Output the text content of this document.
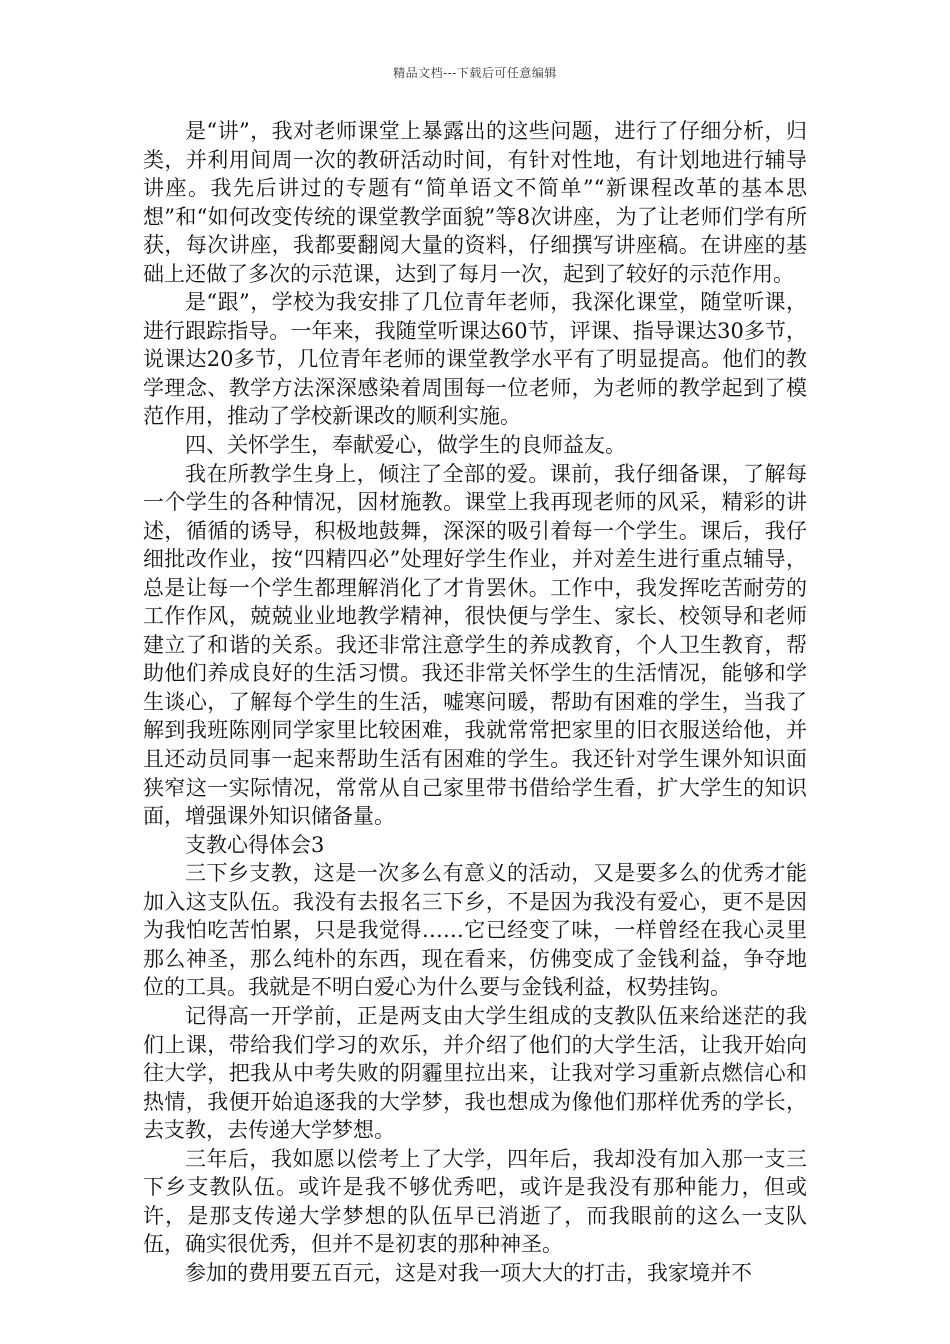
精品文档---下载后可任意编辑

是“讲”，我对老师课堂上暴露出的这些问题，进行了仔细分析，归类，并利用间周一次的教研活动时间，有针对性地，有计划地进行辅导讲座。我先后讲过的专题有“简单语文不简单”“新课程改革的基本思想”和“如何改变传统的课堂教学面貌”等8次讲座，为了让老师们学有所获，每次讲座，我都要翻阅大量的资料，仔细撰写讲座稿。在讲座的基础上还做了多次的示范课，达到了每月一次，起到了较好的示范作用。

是“跟”，学校为我安排了几位青年老师，我深化课堂，随堂听课，进行跟踪指导。一年来，我随堂听课达60节，评课、指导课达30多节，说课达20多节，几位青年老师的课堂教学水平有了明显提高。他们的教学理念、教学方法深深感染着周围每一位老师，为老师的教学起到了模范作用，推动了学校新课改的顺利实施。

四、关怀学生，奉献爱心，做学生的良师益友。

我在所教学生身上，倾注了全部的爱。课前，我仔细备课，了解每一个学生的各种情况，因材施教。课堂上我再现老师的风采，精彩的讲述，循循的诱导，积极地鼓舞，深深的吸引着每一个学生。课后，我仔细批改作业，按“四精四必”处理好学生作业，并对差生进行重点辅导，总是让每一个学生都理解消化了才肯罢休。工作中，我发挥吃苦耐劳的工作作风，兢兢业业地教学精神，很快便与学生、家长、校领导和老师建立了和谐的关系。我还非常注意学生的养成教育，个人卫生教育，帮助他们养成良好的生活习惯。我还非常关怀学生的生活情况，能够和学生谈心，了解每个学生的生活，嘘寒问暖，帮助有困难的学生，当我了解到我班陈刚同学家里比较困难，我就常常把家里的旧衣服送给他，并且还动员同事一起来帮助生活有困难的学生。我还针对学生课外知识面狭窄这一实际情况，常常从自己家里带书借给学生看，扩大学生的知识面，增强课外知识储备量。

支教心得体会3

三下乡支教，这是一次多么有意义的活动，又是要多么的优秀才能加入这支队伍。我没有去报名三下乡，不是因为我没有爱心，更不是因为我怕吃苦怕累，只是我觉得……它已经变了味，一样曾经在我心灵里那么神圣，那么纯朴的东西，现在看来，仿佛变成了金钱利益，争夺地位的工具。我就是不明白爱心为什么要与金钱利益，权势挂钩。

记得高一开学前，正是两支由大学生组成的支教队伍来给迷茫的我们上课，带给我们学习的欢乐，并介绍了他们的大学生活，让我开始向往大学，把我从中考失败的阴霾里拉出来，让我对学习重新点燃信心和热情，我便开始追逐我的大学梦，我也想成为像他们那样优秀的学长，去支教，去传递大学梦想。

三年后，我如愿以偿考上了大学，四年后，我却没有加入那一支三下乡支教队伍。或许是我不够优秀吧，或许是我没有那种能力，但或许，是那支传递大学梦想的队伍早已消逝了，而我眼前的这么一支队伍，确实很优秀，但并不是初衷的那种神圣。

参加的费用要五百元，这是对我一项大大的打击，我家境并不
